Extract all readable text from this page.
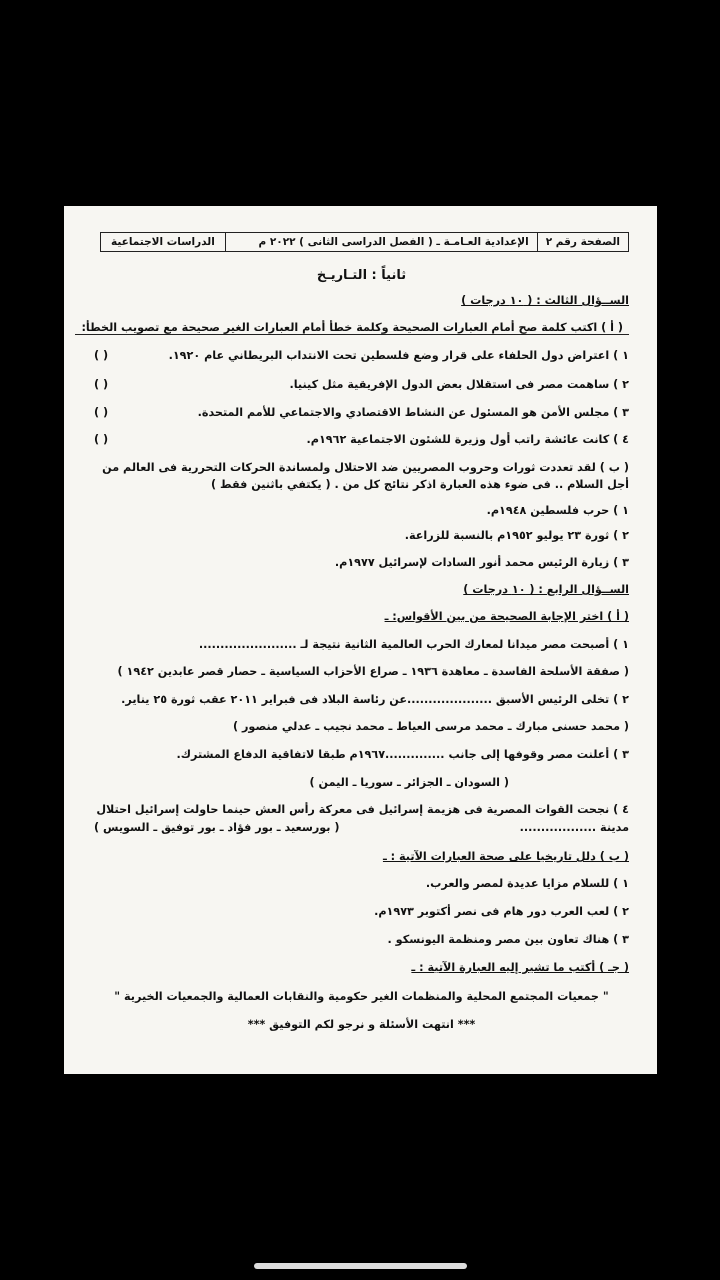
الصفحة رقم ٢
الإعدادية العـامـة ـ ( الفصل الدراسى الثانى ) ٢٠٢٢ م
الدراسات الاجتماعية
ثانياً : التـاريـخ
الســؤال الثالث : ( ١٠ درجات )
( أ ) اكتب كلمة صح أمام العبارات الصحيحة وكلمة خطأ أمام العبارات الغير صحيحة مع تصويب الخطأ:
١ ) اعتراض دول الحلفاء على قرار وضع فلسطين تحت الانتداب البريطاني عام ١٩٢٠.
( )
٢ ) ساهمت مصر فى استقلال بعض الدول الإفريقية مثل كينيا.
( )
٣ ) مجلس الأمن هو المسئول عن النشاط الاقتصادي والاجتماعي للأمم المتحدة.
( )
٤ ) كانت عائشة راتب أول وزيرة للشئون الاجتماعية ١٩٦٢م.
( )
( ب ) لقد تعددت ثورات وحروب المصريين ضد الاحتلال ولمساندة الحركات التحررية فى العالم من
أجل السلام .. فى ضوء هذه العبارة اذكر نتائج كل من . ( يكتفي باثنين فقط )
١ ) حرب فلسطين ١٩٤٨م.
٢ ) ثورة ٢٣ يوليو ١٩٥٢م بالنسبة للزراعة.
٣ ) زيارة الرئيس محمد أنور السادات لإسرائيل ١٩٧٧م.
الســؤال الرابع : ( ١٠ درجات )
( أ ) اختر الإجابة الصحيحة من بين الأقواس: ـ
١ ) أصبحت مصر ميدانا لمعارك الحرب العالمية الثانية نتيجة لـ .......................
( صفقة الأسلحة الفاسدة ـ معاهدة ١٩٣٦ ـ صراع الأحزاب السياسية ـ حصار قصر عابدين ١٩٤٢ )
٢ ) تخلى الرئيس الأسبق ....................عن رئاسة البلاد فى فبراير ٢٠١١ عقب ثورة ٢٥ يناير.
( محمد حسنى مبارك ـ محمد مرسى العياط ـ محمد نجيب ـ عدلي منصور )
٣ ) أعلنت مصر وقوفها إلى جانب ..............١٩٦٧م طبقا لاتفاقية الدفاع المشترك.
( السودان ـ الجزائر ـ سوريا ـ اليمن )
٤ ) نجحت القوات المصرية فى هزيمة إسرائيل فى معركة رأس العش حينما حاولت إسرائيل احتلال
مدينة ..................
( بورسعيد ـ بور فؤاد ـ بور توفيق ـ السويس )
( ب ) دلل تاريخيا على صحة العبارات الآتية : ـ
١ ) للسلام مزايا عديدة لمصر والعرب.
٢ ) لعب العرب دور هام فى نصر أكتوبر ١٩٧٣م.
٣ ) هناك تعاون بين مصر ومنظمة اليونسكو .
( جـ ) أكتب ما تشير إليه العبارة الآتية : ـ
" جمعيات المجتمع المحلية والمنظمات الغير حكومية والنقابات العمالية والجمعيات الخيرية "
*** انتهت الأسئلة و نرجو لكم التوفيق ***
